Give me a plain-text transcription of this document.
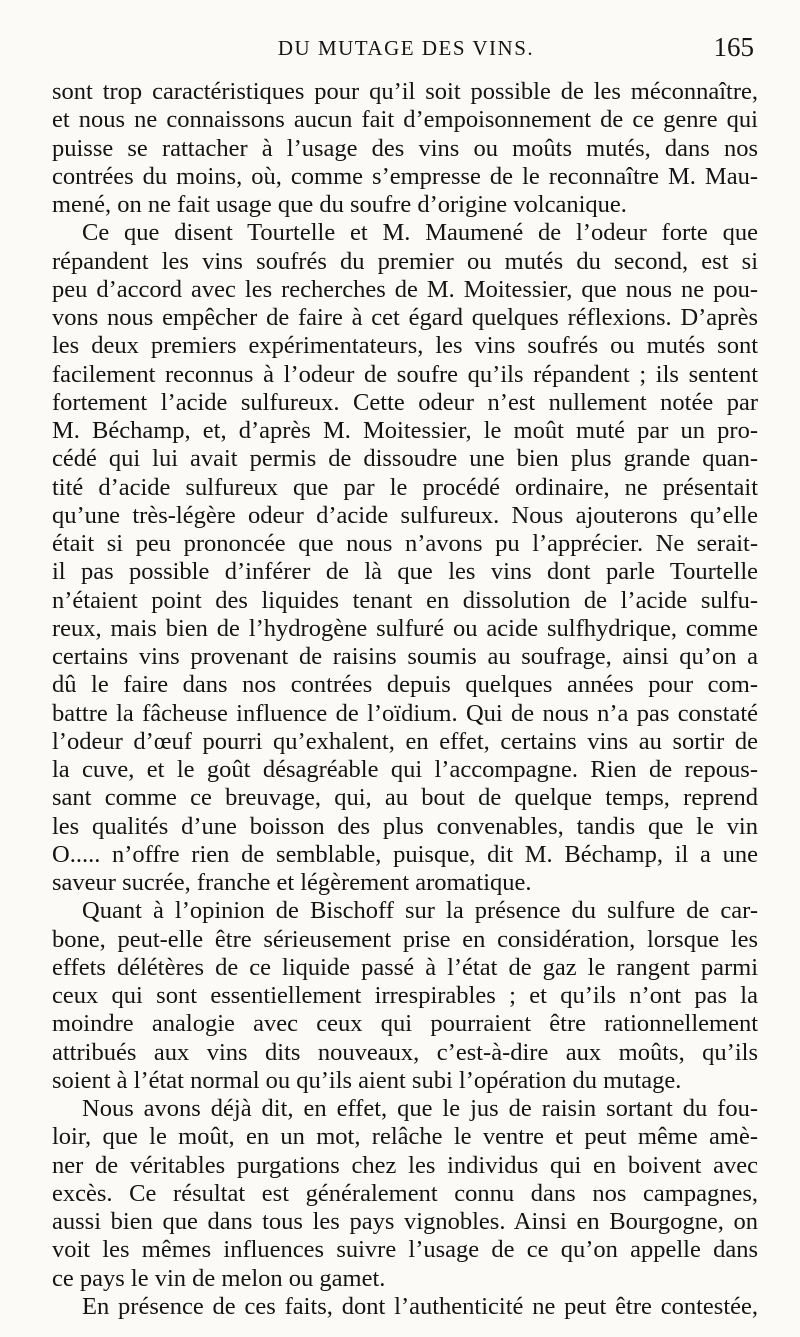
DU MUTAGE DES VINS.	165
sont trop caractéristiques pour qu’il soit possible de les méconnaître,
et nous ne connaissons aucun fait d’empoisonnement de ce genre qui
puisse se rattacher à l’usage des vins ou moûts mutés, dans nos
contrées du moins, où, comme s’empresse de le reconnaître M. Mau-
mené, on ne fait usage que du soufre d’origine volcanique.
Ce que disent Tourtelle et M. Maumené de l’odeur forte que
répandent les vins soufrés du premier ou mutés du second, est si
peu d’accord avec les recherches de M. Moitessier, que nous ne pou-
vons nous empêcher de faire à cet égard quelques réflexions. D’après
les deux premiers expérimentateurs, les vins soufrés ou mutés sont
facilement reconnus à l’odeur de soufre qu’ils répandent ; ils sentent
fortement l’acide sulfureux. Cette odeur n’est nullement notée par
M. Béchamp, et, d’après M. Moitessier, le moût muté par un pro-
cédé qui lui avait permis de dissoudre une bien plus grande quan-
tité d’acide sulfureux que par le procédé ordinaire, ne présentait
qu’une très-légère odeur d’acide sulfureux. Nous ajouterons qu’elle
était si peu prononcée que nous n’avons pu l’apprécier. Ne serait-
il pas possible d’inférer de là que les vins dont parle Tourtelle
n’étaient point des liquides tenant en dissolution de l’acide sulfu-
reux, mais bien de l’hydrogène sulfuré ou acide sulfhydrique, comme
certains vins provenant de raisins soumis au soufrage, ainsi qu’on a
dû le faire dans nos contrées depuis quelques années pour com-
battre la fâcheuse influence de l’oïdium. Qui de nous n’a pas constaté
l’odeur d’œuf pourri qu’exhalent, en effet, certains vins au sortir de
la cuve, et le goût désagréable qui l’accompagne. Rien de repous-
sant comme ce breuvage, qui, au bout de quelque temps, reprend
les qualités d’une boisson des plus convenables, tandis que le vin
O..... n’offre rien de semblable, puisque, dit M. Béchamp, il a une
saveur sucrée, franche et légèrement aromatique.
Quant à l’opinion de Bischoff sur la présence du sulfure de car-
bone, peut-elle être sérieusement prise en considération, lorsque les
effets délétères de ce liquide passé à l’état de gaz le rangent parmi
ceux qui sont essentiellement irrespirables ; et qu’ils n’ont pas la
moindre analogie avec ceux qui pourraient être rationnellement
attribués aux vins dits nouveaux, c’est-à-dire aux moûts, qu’ils
soient à l’état normal ou qu’ils aient subi l’opération du mutage.
Nous avons déjà dit, en effet, que le jus de raisin sortant du fou-
loir, que le moût, en un mot, relâche le ventre et peut même amè-
ner de véritables purgations chez les individus qui en boivent avec
excès. Ce résultat est généralement connu dans nos campagnes,
aussi bien que dans tous les pays vignobles. Ainsi en Bourgogne, on
voit les mêmes influences suivre l’usage de ce qu’on appelle dans
ce pays le vin de melon ou gamet.
En présence de ces faits, dont l’authenticité ne peut être contestée,
